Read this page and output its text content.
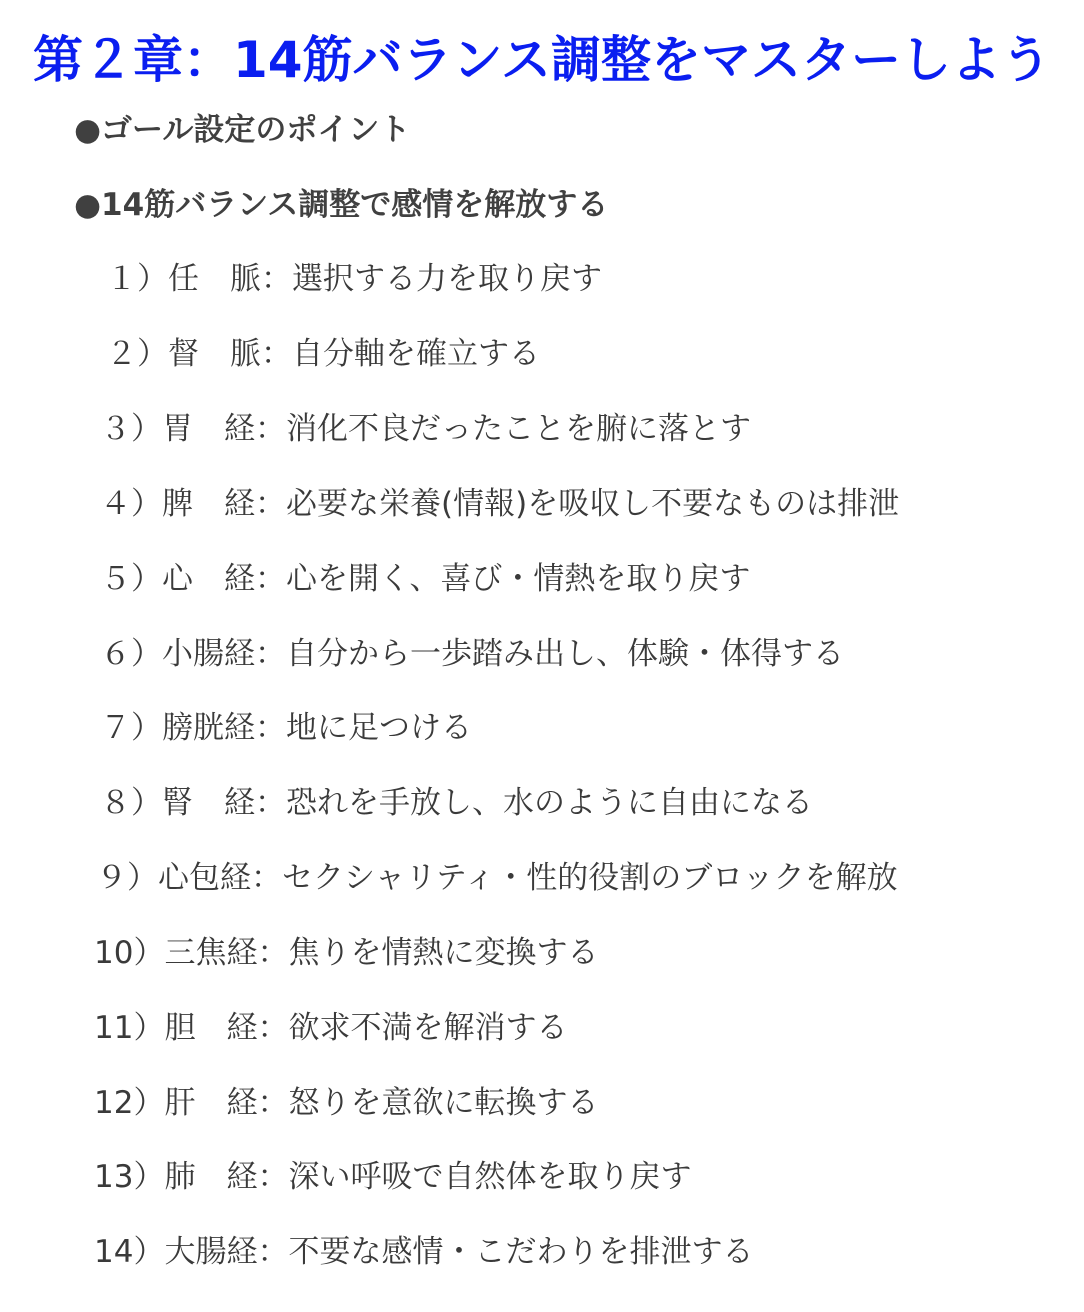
第２章：14筋バランス調整をマスターしよう
●ゴール設定のポイント
●14筋バランス調整で感情を解放する
１）任　脈：選択する力を取り戻す
２）督　脈：自分軸を確立する
３）胃　経：消化不良だったことを腑に落とす
４）脾　経：必要な栄養(情報)を吸収し不要なものは排泄
５）心　経：心を開く、喜び・情熱を取り戻す
６）小腸経：自分から一歩踏み出し、体験・体得する
７）膀胱経：地に足つける
８）腎　経：恐れを手放し、水のように自由になる
９）心包経：セクシャリティ・性的役割のブロックを解放
10）三焦経：焦りを情熱に変換する
11）胆　経：欲求不満を解消する
12）肝　経：怒りを意欲に転換する
13）肺　経：深い呼吸で自然体を取り戻す
14）大腸経：不要な感情・こだわりを排泄する
